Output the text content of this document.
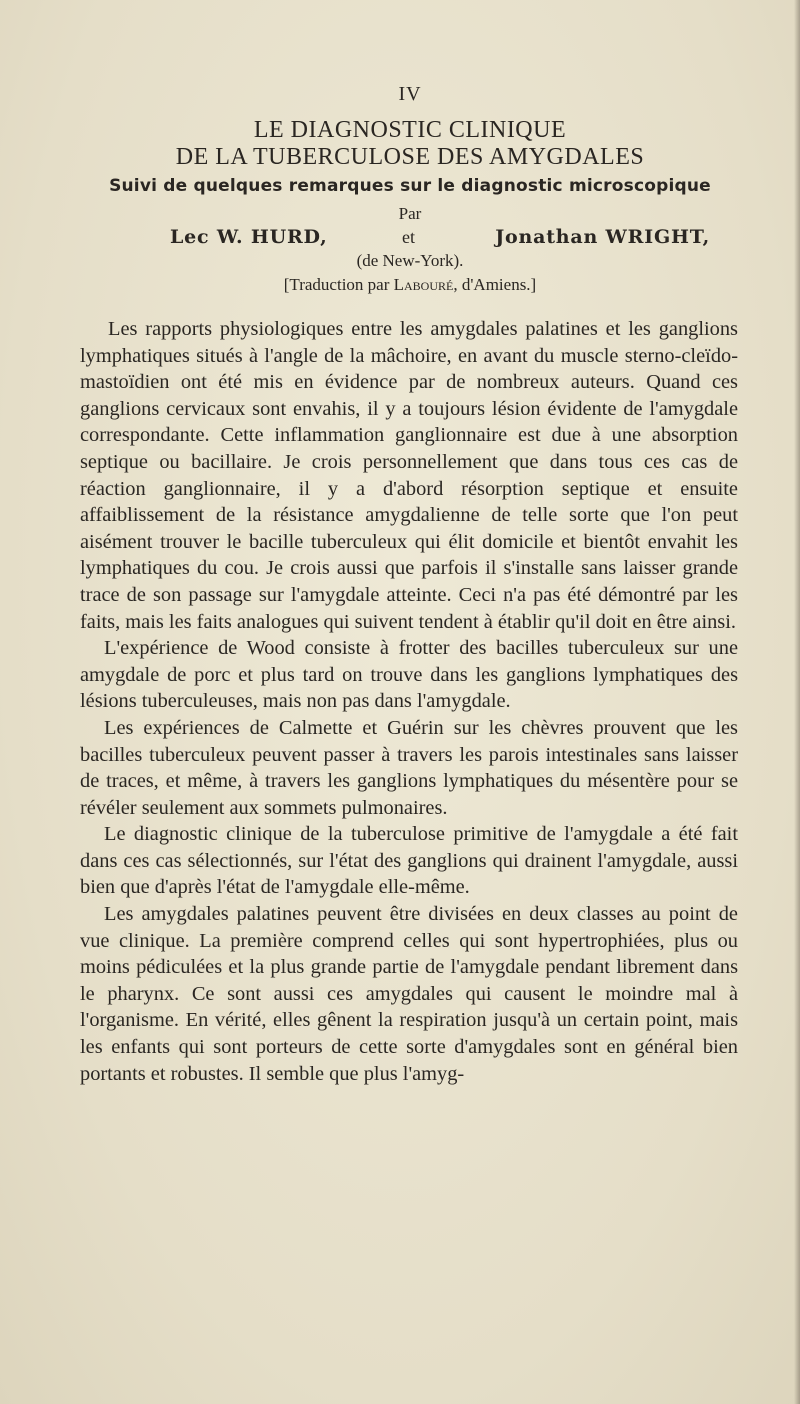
IV
LE DIAGNOSTIC CLINIQUE
DE LA TUBERCULOSE DES AMYGDALES
Suivi de quelques remarques sur le diagnostic microscopique
Par
Lec W. HURD,	et	Jonathan WRIGHT,
(de New-York).
[Traduction par Labouré, d'Amiens.]

Les rapports physiologiques entre les amygdales palatines et les ganglions lymphatiques situés à l'angle de la mâchoire, en avant du muscle sterno-cleïdo-mastoïdien ont été mis en évidence par de nombreux auteurs. Quand ces ganglions cervicaux sont envahis, il y a toujours lésion évidente de l'amygdale correspondante. Cette inflammation ganglionnaire est due à une absorption septique ou bacillaire. Je crois personnellement que dans tous ces cas de réaction ganglionnaire, il y a d'abord résorption septique et ensuite affaiblissement de la résistance amygdalienne de telle sorte que l'on peut aisément trouver le bacille tuberculeux qui élit domicile et bientôt envahit les lymphatiques du cou. Je crois aussi que parfois il s'installe sans laisser grande trace de son passage sur l'amygdale atteinte. Ceci n'a pas été démontré par les faits, mais les faits analogues qui suivent tendent à établir qu'il doit en être ainsi.

L'expérience de Wood consiste à frotter des bacilles tuberculeux sur une amygdale de porc et plus tard on trouve dans les ganglions lymphatiques des lésions tuberculeuses, mais non pas dans l'amygdale.

Les expériences de Calmette et Guérin sur les chèvres prouvent que les bacilles tuberculeux peuvent passer à travers les parois intestinales sans laisser de traces, et même, à travers les ganglions lymphatiques du mésentère pour se révéler seulement aux sommets pulmonaires.

Le diagnostic clinique de la tuberculose primitive de l'amygdale a été fait dans ces cas sélectionnés, sur l'état des ganglions qui drainent l'amygdale, aussi bien que d'après l'état de l'amygdale elle-même.

Les amygdales palatines peuvent être divisées en deux classes au point de vue clinique. La première comprend celles qui sont hypertrophiées, plus ou moins pédiculées et la plus grande partie de l'amygdale pendant librement dans le pharynx. Ce sont aussi ces amygdales qui causent le moindre mal à l'organisme. En vérité, elles gênent la respiration jusqu'à un certain point, mais les enfants qui sont porteurs de cette sorte d'amygdales sont en général bien portants et robustes. Il semble que plus l'amyg-
